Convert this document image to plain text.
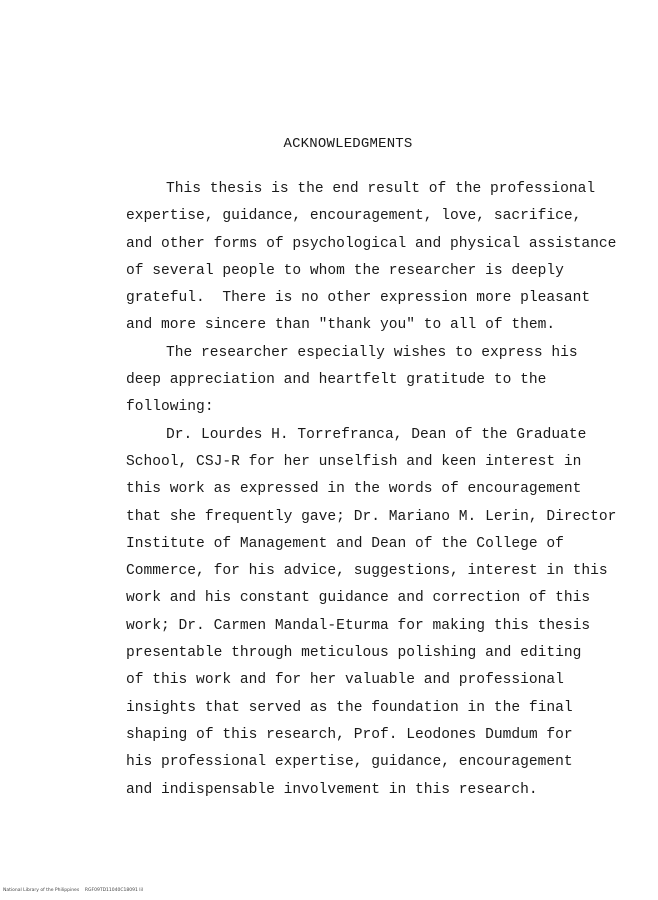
ACKNOWLEDGMENTS
This thesis is the end result of the professional
expertise, guidance, encouragement, love, sacrifice,
and other forms of psychological and physical assistance
of several people to whom the researcher is deeply
grateful.  There is no other expression more pleasant
and more sincere than "thank you" to all of them.
The researcher especially wishes to express his
deep appreciation and heartfelt gratitude to the
following:
Dr. Lourdes H. Torrefranca, Dean of the Graduate
School, CSJ-R for her unselfish and keen interest in
this work as expressed in the words of encouragement
that she frequently gave; Dr. Mariano M. Lerin, Director
Institute of Management and Dean of the College of
Commerce, for his advice, suggestions, interest in this
work and his constant guidance and correction of this
work; Dr. Carmen Mandal-Eturma for making this thesis
presentable through meticulous polishing and editing
of this work and for her valuable and professional
insights that served as the foundation in the final
shaping of this research, Prof. Leodones Dumdum for
his professional expertise, guidance, encouragement
and indispensable involvement in this research.
National Library of the Philippines    RGF09TD11040C18091 lil
